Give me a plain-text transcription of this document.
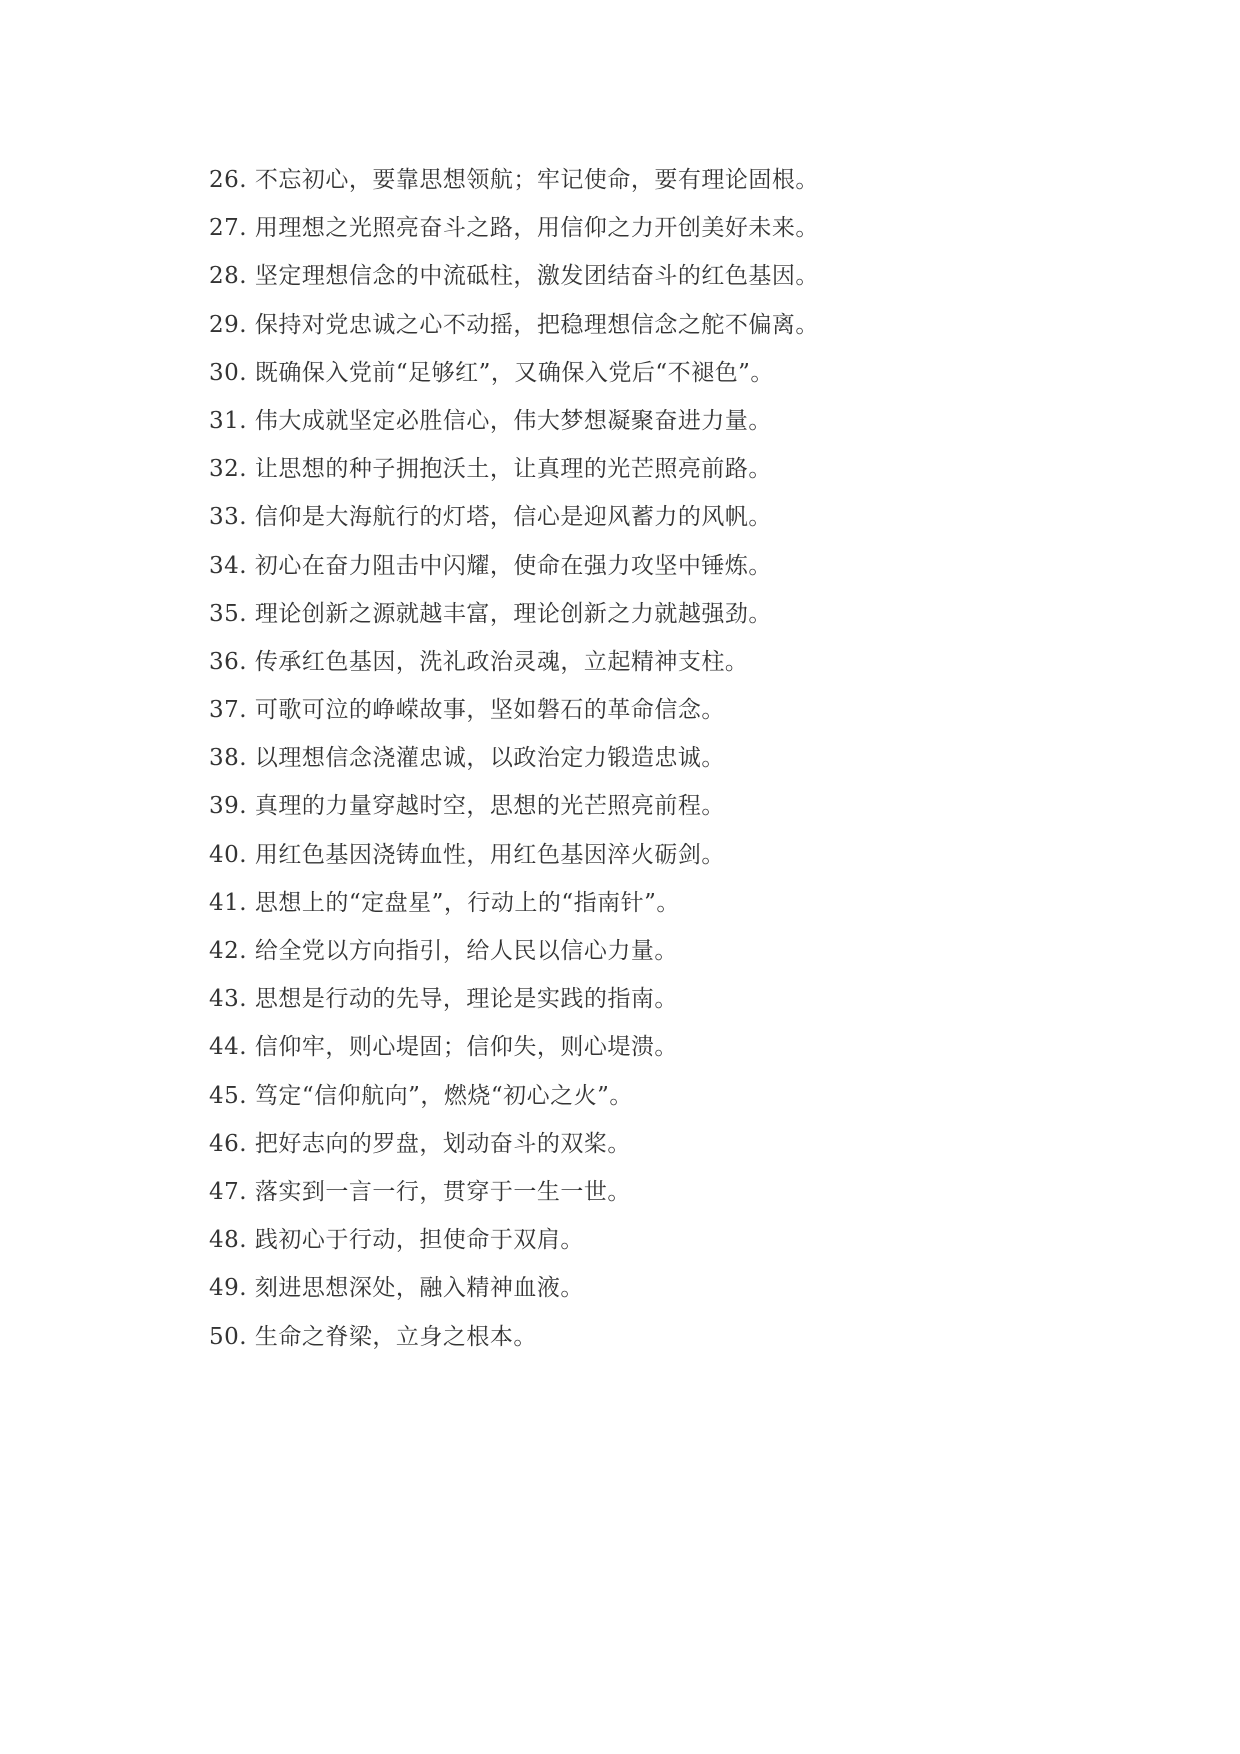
26. 不忘初心，要靠思想领航；牢记使命，要有理论固根。
27. 用理想之光照亮奋斗之路，用信仰之力开创美好未来。
28. 坚定理想信念的中流砥柱，激发团结奋斗的红色基因。
29. 保持对党忠诚之心不动摇，把稳理想信念之舵不偏离。
30. 既确保入党前“足够红”，又确保入党后“不褪色”。
31. 伟大成就坚定必胜信心，伟大梦想凝聚奋进力量。
32. 让思想的种子拥抱沃土，让真理的光芒照亮前路。
33. 信仰是大海航行的灯塔，信心是迎风蓄力的风帆。
34. 初心在奋力阻击中闪耀，使命在强力攻坚中锤炼。
35. 理论创新之源就越丰富，理论创新之力就越强劲。
36. 传承红色基因，洗礼政治灵魂，立起精神支柱。
37. 可歌可泣的峥嵘故事，坚如磐石的革命信念。
38. 以理想信念浇灌忠诚，以政治定力锻造忠诚。
39. 真理的力量穿越时空，思想的光芒照亮前程。
40. 用红色基因浇铸血性，用红色基因淬火砺剑。
41. 思想上的“定盘星”，行动上的“指南针”。
42. 给全党以方向指引，给人民以信心力量。
43. 思想是行动的先导，理论是实践的指南。
44. 信仰牢，则心堤固；信仰失，则心堤溃。
45. 笃定“信仰航向”，燃烧“初心之火”。
46. 把好志向的罗盘，划动奋斗的双桨。
47. 落实到一言一行，贯穿于一生一世。
48. 践初心于行动，担使命于双肩。
49. 刻进思想深处，融入精神血液。
50. 生命之脊梁，立身之根本。
